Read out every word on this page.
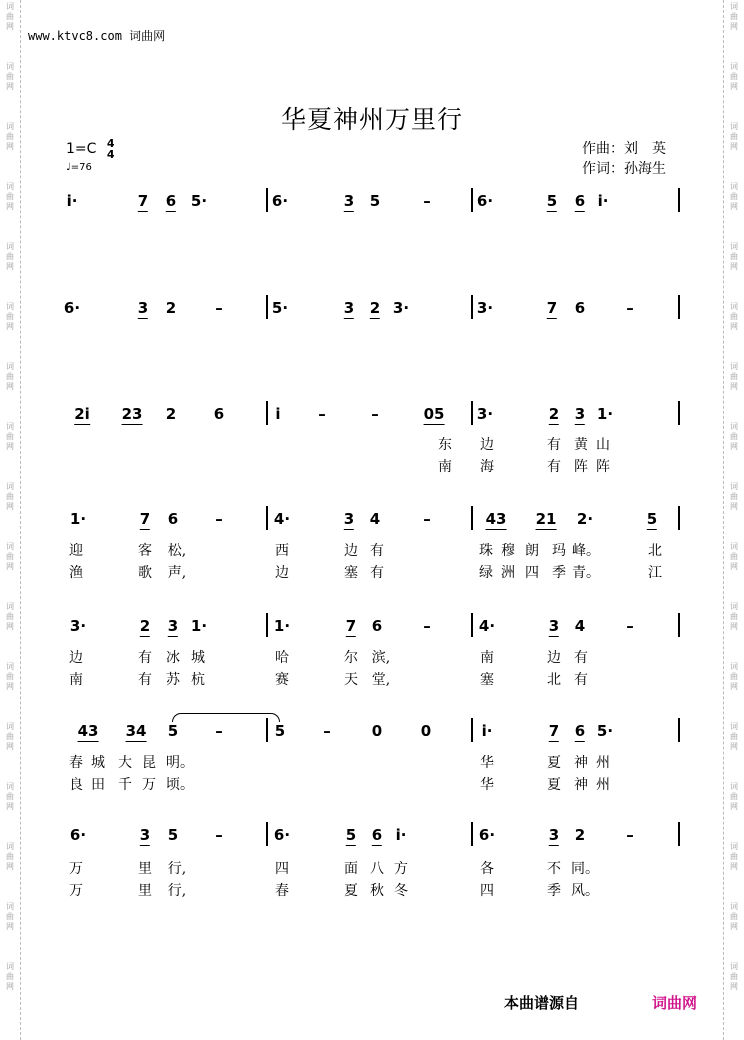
词
曲
网
词
曲
网
词
曲
网
词
曲
网
词
曲
网
词
曲
网
词
曲
网
词
曲
网
词
曲
网
词
曲
网
词
曲
网
词
曲
网
词
曲
网
词
曲
网
词
曲
网
词
曲
网
词
曲
网
词
曲
网
词
曲
网
词
曲
网
词
曲
网
词
曲
网
词
曲
网
词
曲
网
词
曲
网
词
曲
网
词
曲
网
词
曲
网
词
曲
网
词
曲
网
词
曲
网
词
曲
网
词
曲
网
词
曲
网
www.ktvc8.com 词曲网
华夏神州万里行
1=C 4
4
♩=76
作曲：刘　英
作词：孙海生
i·	7 6 5·	6·	3 5	–	6·	5 6 i·
6·	3 2	–	5·	3 2 3·	3·	7 6	–
2i 23 2	6	i	–	–	05 3·	2 3 1·
1·	7 6 –	4·	3 4	–	43 21 2·	5
3·	2 3 1·	1·	7 6	–	4·	3 4	–
43 34 5 –	5	–	0	0	i·	7 6 5·
6·	3 5 –	6·	5 6 i·	6·	3 2	–
东 边	有 黄 山
南 海	有 阵 阵
迎	客 松,	西	边 有	珠 穆 朗 玛 峰。	北
渔	歌 声,	边	塞 有	绿 洲 四 季 青。	江
边	有 冰 城	哈	尔 滨,	南	边 有
南	有 苏 杭	赛	天 堂,	塞	北 有
春 城 大 昆 明。	华	夏 神 州
良 田 千 万 顷。	华	夏 神 州
万	里 行,	四	面 八 方	各	不 同。
万	里 行,	春	夏 秋 冬	四	季 风。
本曲谱源自	词曲网
